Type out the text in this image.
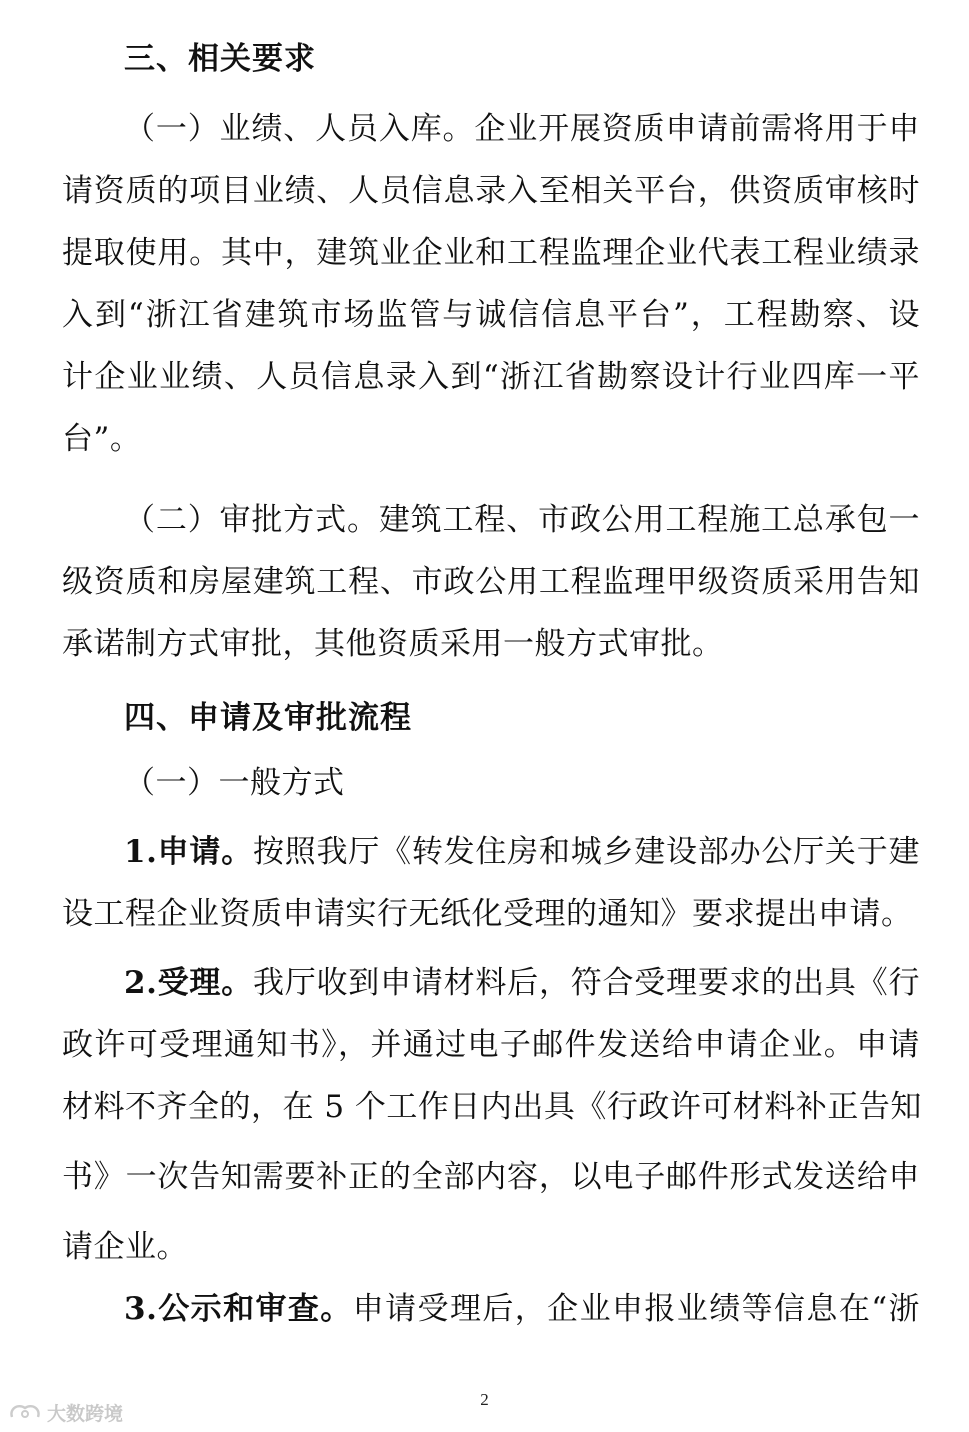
三、相关要求
（一）业绩、人员入库。企业开展资质申请前需将用于申
请资质的项目业绩、人员信息录入至相关平台，供资质审核时
提取使用。其中，建筑业企业和工程监理企业代表工程业绩录
入到“浙江省建筑市场监管与诚信信息平台”，工程勘察、设
计企业业绩、人员信息录入到“浙江省勘察设计行业四库一平
台”。
（二）审批方式。建筑工程、市政公用工程施工总承包一
级资质和房屋建筑工程、市政公用工程监理甲级资质采用告知
承诺制方式审批，其他资质采用一般方式审批。
四、申请及审批流程
（一）一般方式
1.申请。按照我厅《转发住房和城乡建设部办公厅关于建
设工程企业资质申请实行无纸化受理的通知》要求提出申请。
2.受理。我厅收到申请材料后，符合受理要求的出具《行
政许可受理通知书》，并通过电子邮件发送给申请企业。申请
材料不齐全的，在 5 个工作日内出具《行政许可材料补正告知
书》一次告知需要补正的全部内容，以电子邮件形式发送给申
请企业。
3.公示和审查。申请受理后，企业申报业绩等信息在“浙
2
大数跨境
